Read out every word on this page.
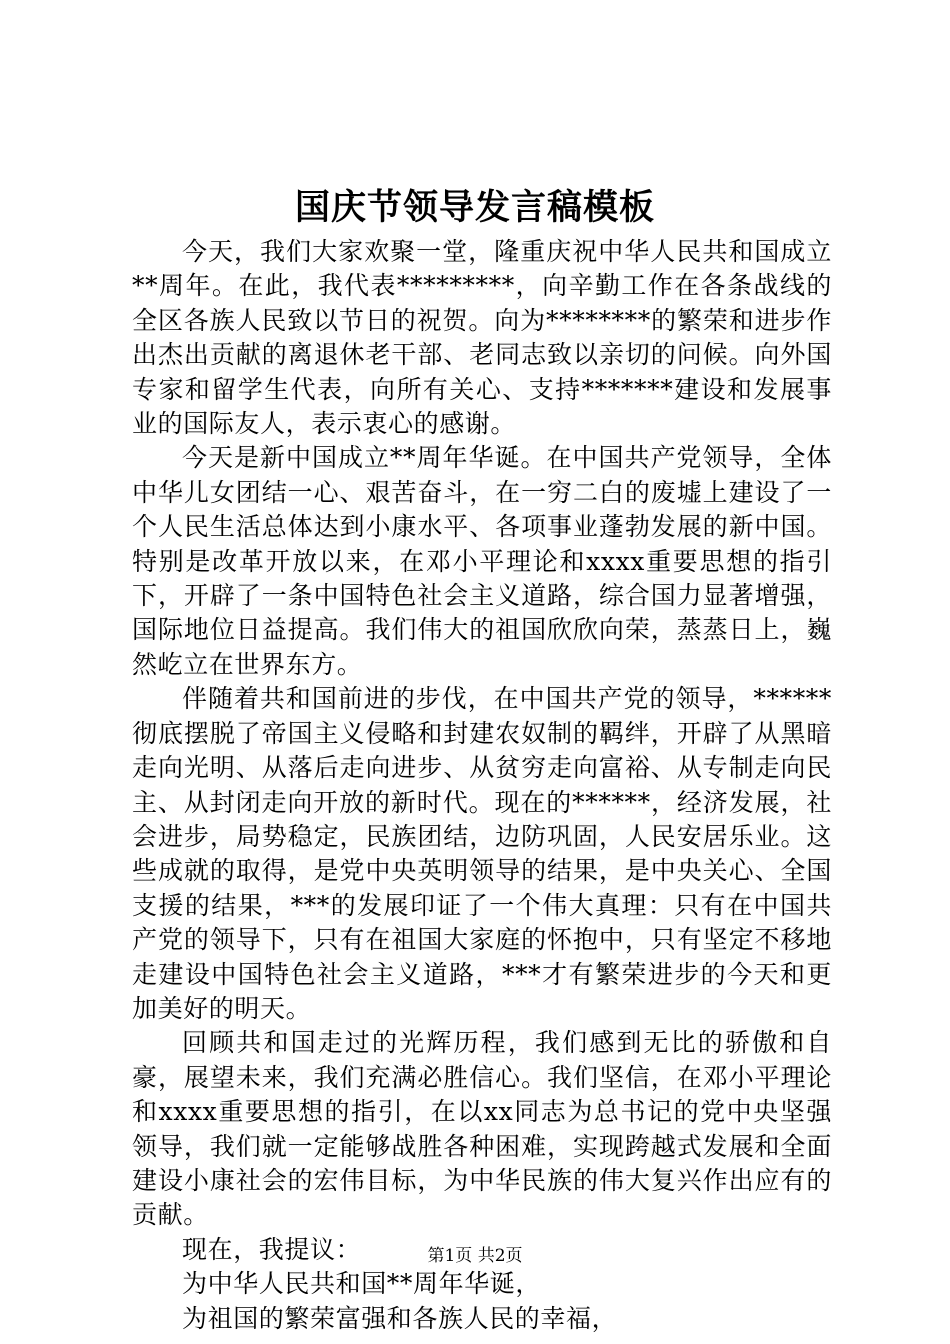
国庆节领导发言稿模板

今天，我们大家欢聚一堂，隆重庆祝中华人民共和国成立**周年。在此，我代表*********，向辛勤工作在各条战线的全区各族人民致以节日的祝贺。向为********的繁荣和进步作出杰出贡献的离退休老干部、老同志致以亲切的问候。向外国专家和留学生代表，向所有关心、支持*******建设和发展事业的国际友人，表示衷心的感谢。

今天是新中国成立**周年华诞。在中国共产党领导，全体中华儿女团结一心、艰苦奋斗，在一穷二白的废墟上建设了一个人民生活总体达到小康水平、各项事业蓬勃发展的新中国。特别是改革开放以来，在邓小平理论和xxxx重要思想的指引下，开辟了一条中国特色社会主义道路，综合国力显著增强，国际地位日益提高。我们伟大的祖国欣欣向荣，蒸蒸日上，巍然屹立在世界东方。

伴随着共和国前进的步伐，在中国共产党的领导，******彻底摆脱了帝国主义侵略和封建农奴制的羁绊，开辟了从黑暗走向光明、从落后走向进步、从贫穷走向富裕、从专制走向民主、从封闭走向开放的新时代。现在的******，经济发展，社会进步，局势稳定，民族团结，边防巩固，人民安居乐业。这些成就的取得，是党中央英明领导的结果，是中央关心、全国支援的结果，***的发展印证了一个伟大真理：只有在中国共产党的领导下，只有在祖国大家庭的怀抱中，只有坚定不移地走建设中国特色社会主义道路，***才有繁荣进步的今天和更加美好的明天。

回顾共和国走过的光辉历程，我们感到无比的骄傲和自豪，展望未来，我们充满必胜信心。我们坚信，在邓小平理论和xxxx重要思想的指引，在以xx同志为总书记的党中央坚强领导，我们就一定能够战胜各种困难，实现跨越式发展和全面建设小康社会的宏伟目标，为中华民族的伟大复兴作出应有的贡献。

现在，我提议：

为中华人民共和国**周年华诞，

为祖国的繁荣富强和各族人民的幸福，

第1页 共2页
